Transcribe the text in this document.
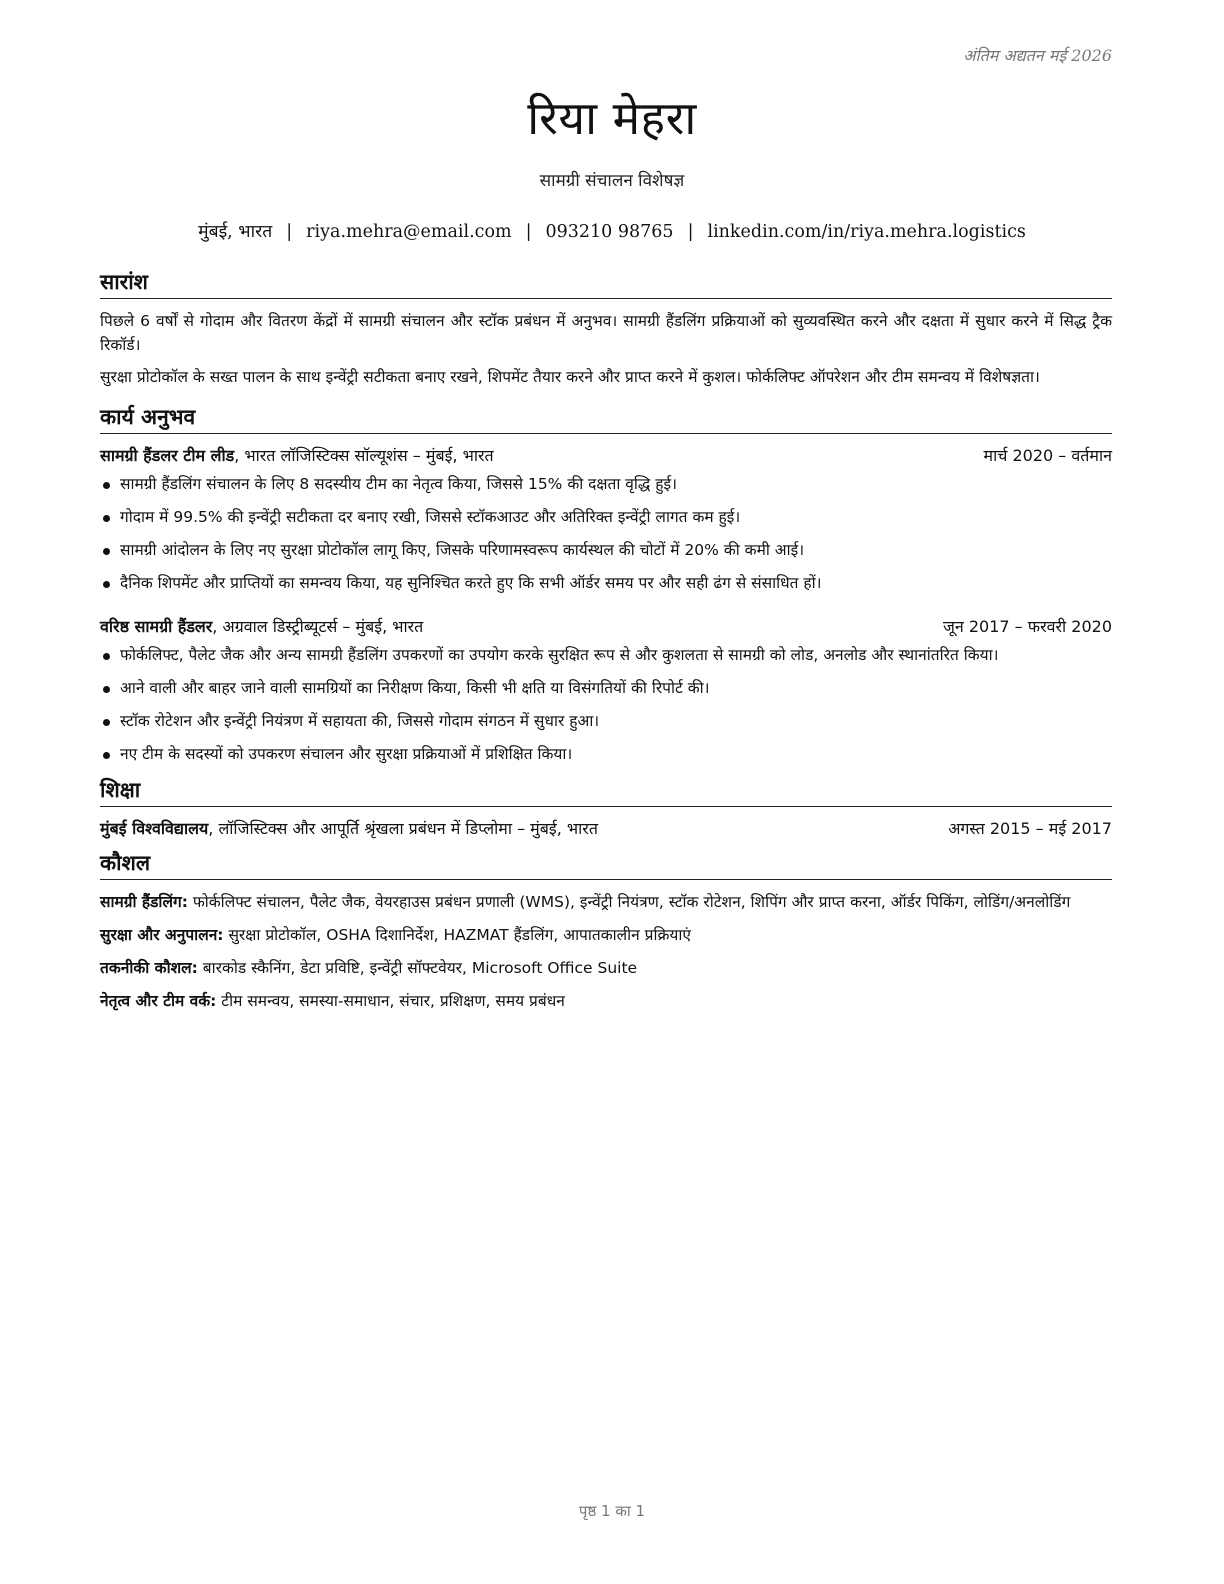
अंतिम अद्यतन मई 2026
रिया मेहरा
सामग्री संचालन विशेषज्ञ
मुंबई, भारत | riya.mehra@email.com | 093210 98765 | linkedin.com/in/riya.mehra.logistics
सारांश

पिछले 6 वर्षों से गोदाम और वितरण केंद्रों में सामग्री संचालन और स्टॉक प्रबंधन में अनुभव। सामग्री हैंडलिंग प्रक्रियाओं को सुव्यवस्थित करने और दक्षता में सुधार करने में सिद्ध ट्रैक रिकॉर्ड।

सुरक्षा प्रोटोकॉल के सख्त पालन के साथ इन्वेंट्री सटीकता बनाए रखने, शिपमेंट तैयार करने और प्राप्त करने में कुशल। फोर्कलिफ्ट ऑपरेशन और टीम समन्वय में विशेषज्ञता।

कार्य अनुभव
सामग्री हैंडलर टीम लीड, भारत लॉजिस्टिक्स सॉल्यूशंस – मुंबई, भारत	मार्च 2020 – वर्तमान
सामग्री हैंडलिंग संचालन के लिए 8 सदस्यीय टीम का नेतृत्व किया, जिससे 15% की दक्षता वृद्धि हुई।
गोदाम में 99.5% की इन्वेंट्री सटीकता दर बनाए रखी, जिससे स्टॉकआउट और अतिरिक्त इन्वेंट्री लागत कम हुई।
सामग्री आंदोलन के लिए नए सुरक्षा प्रोटोकॉल लागू किए, जिसके परिणामस्वरूप कार्यस्थल की चोटों में 20% की कमी आई।
दैनिक शिपमेंट और प्राप्तियों का समन्वय किया, यह सुनिश्चित करते हुए कि सभी ऑर्डर समय पर और सही ढंग से संसाधित हों।
वरिष्ठ सामग्री हैंडलर, अग्रवाल डिस्ट्रीब्यूटर्स – मुंबई, भारत	जून 2017 – फरवरी 2020
फोर्कलिफ्ट, पैलेट जैक और अन्य सामग्री हैंडलिंग उपकरणों का उपयोग करके सुरक्षित रूप से और कुशलता से सामग्री को लोड, अनलोड और स्थानांतरित किया।
आने वाली और बाहर जाने वाली सामग्रियों का निरीक्षण किया, किसी भी क्षति या विसंगतियों की रिपोर्ट की।
स्टॉक रोटेशन और इन्वेंट्री नियंत्रण में सहायता की, जिससे गोदाम संगठन में सुधार हुआ।
नए टीम के सदस्यों को उपकरण संचालन और सुरक्षा प्रक्रियाओं में प्रशिक्षित किया।
शिक्षा
मुंबई विश्वविद्यालय, लॉजिस्टिक्स और आपूर्ति श्रृंखला प्रबंधन में डिप्लोमा – मुंबई, भारत	अगस्त 2015 – मई 2017
कौशल

सामग्री हैंडलिंग: फोर्कलिफ्ट संचालन, पैलेट जैक, वेयरहाउस प्रबंधन प्रणाली (WMS), इन्वेंट्री नियंत्रण, स्टॉक रोटेशन, शिपिंग और प्राप्त करना, ऑर्डर पिकिंग, लोडिंग/अनलोडिंग

सुरक्षा और अनुपालन: सुरक्षा प्रोटोकॉल, OSHA दिशानिर्देश, HAZMAT हैंडलिंग, आपातकालीन प्रक्रियाएं

तकनीकी कौशल: बारकोड स्कैनिंग, डेटा प्रविष्टि, इन्वेंट्री सॉफ्टवेयर, Microsoft Office Suite

नेतृत्व और टीम वर्क: टीम समन्वय, समस्या-समाधान, संचार, प्रशिक्षण, समय प्रबंधन

पृष्ठ 1 का 1
